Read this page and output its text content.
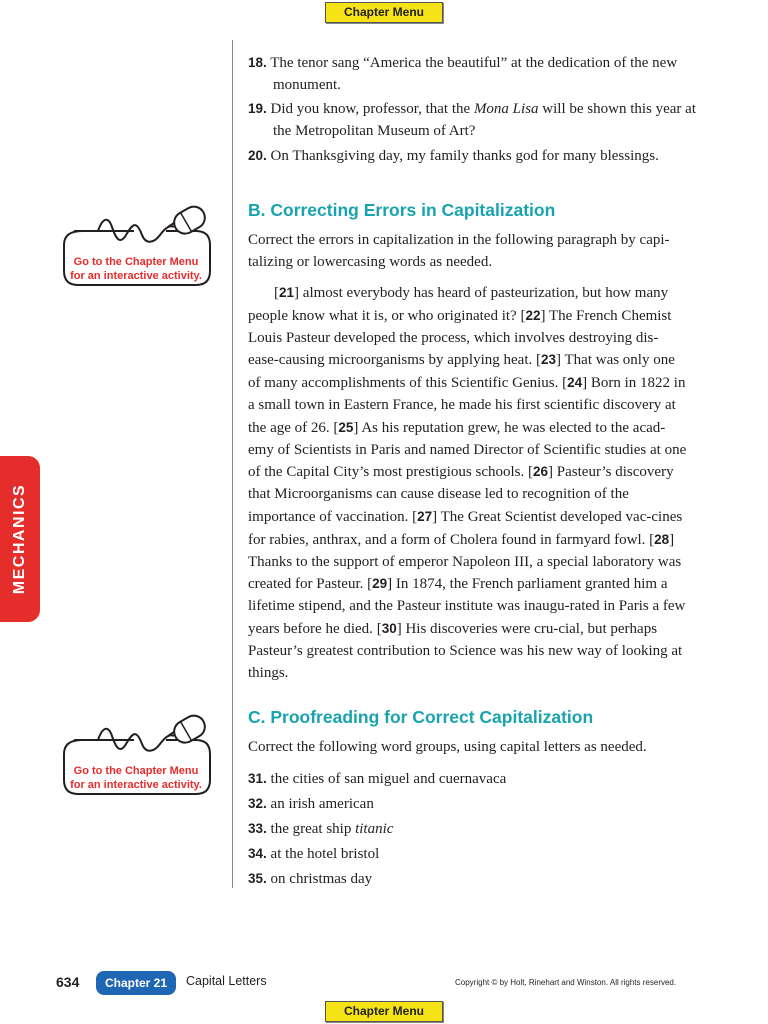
Chapter Menu
18. The tenor sang “America the beautiful” at the dedication of the new monument.
19. Did you know, professor, that the Mona Lisa will be shown this year at the Metropolitan Museum of Art?
20. On Thanksgiving day, my family thanks god for many blessings.
B. Correcting Errors in Capitalization
Correct the errors in capitalization in the following paragraph by capi-talizing or lowercasing words as needed.
[21] almost everybody has heard of pasteurization, but how many people know what it is, or who originated it? [22] The French Chemist Louis Pasteur developed the process, which involves destroying dis-ease-causing microorganisms by applying heat. [23] That was only one of many accomplishments of this Scientific Genius. [24] Born in 1822 in a small town in Eastern France, he made his first scientific discovery at the age of 26. [25] As his reputation grew, he was elected to the acad-emy of Scientists in Paris and named Director of Scientific studies at one of the Capital City’s most prestigious schools. [26] Pasteur’s discovery that Microorganisms can cause disease led to recognition of the importance of vaccination. [27] The Great Scientist developed vac-cines for rabies, anthrax, and a form of Cholera found in farmyard fowl. [28] Thanks to the support of emperor Napoleon III, a special laboratory was created for Pasteur. [29] In 1874, the French parliament granted him a lifetime stipend, and the Pasteur institute was inaugu-rated in Paris a few years before he died. [30] His discoveries were cru-cial, but perhaps Pasteur’s greatest contribution to Science was his new way of looking at things.
C. Proofreading for Correct Capitalization
Correct the following word groups, using capital letters as needed.
31. the cities of san miguel and cuernavaca
32. an irish american
33. the great ship titanic
34. at the hotel bristol
35. on christmas day
MECHANICS
Go to the Chapter Menu
for an interactive activity.
Go to the Chapter Menu
for an interactive activity.
634	Chapter 21	Capital Letters	Copyright © by Holt, Rinehart and Winston. All rights reserved.
Chapter Menu
